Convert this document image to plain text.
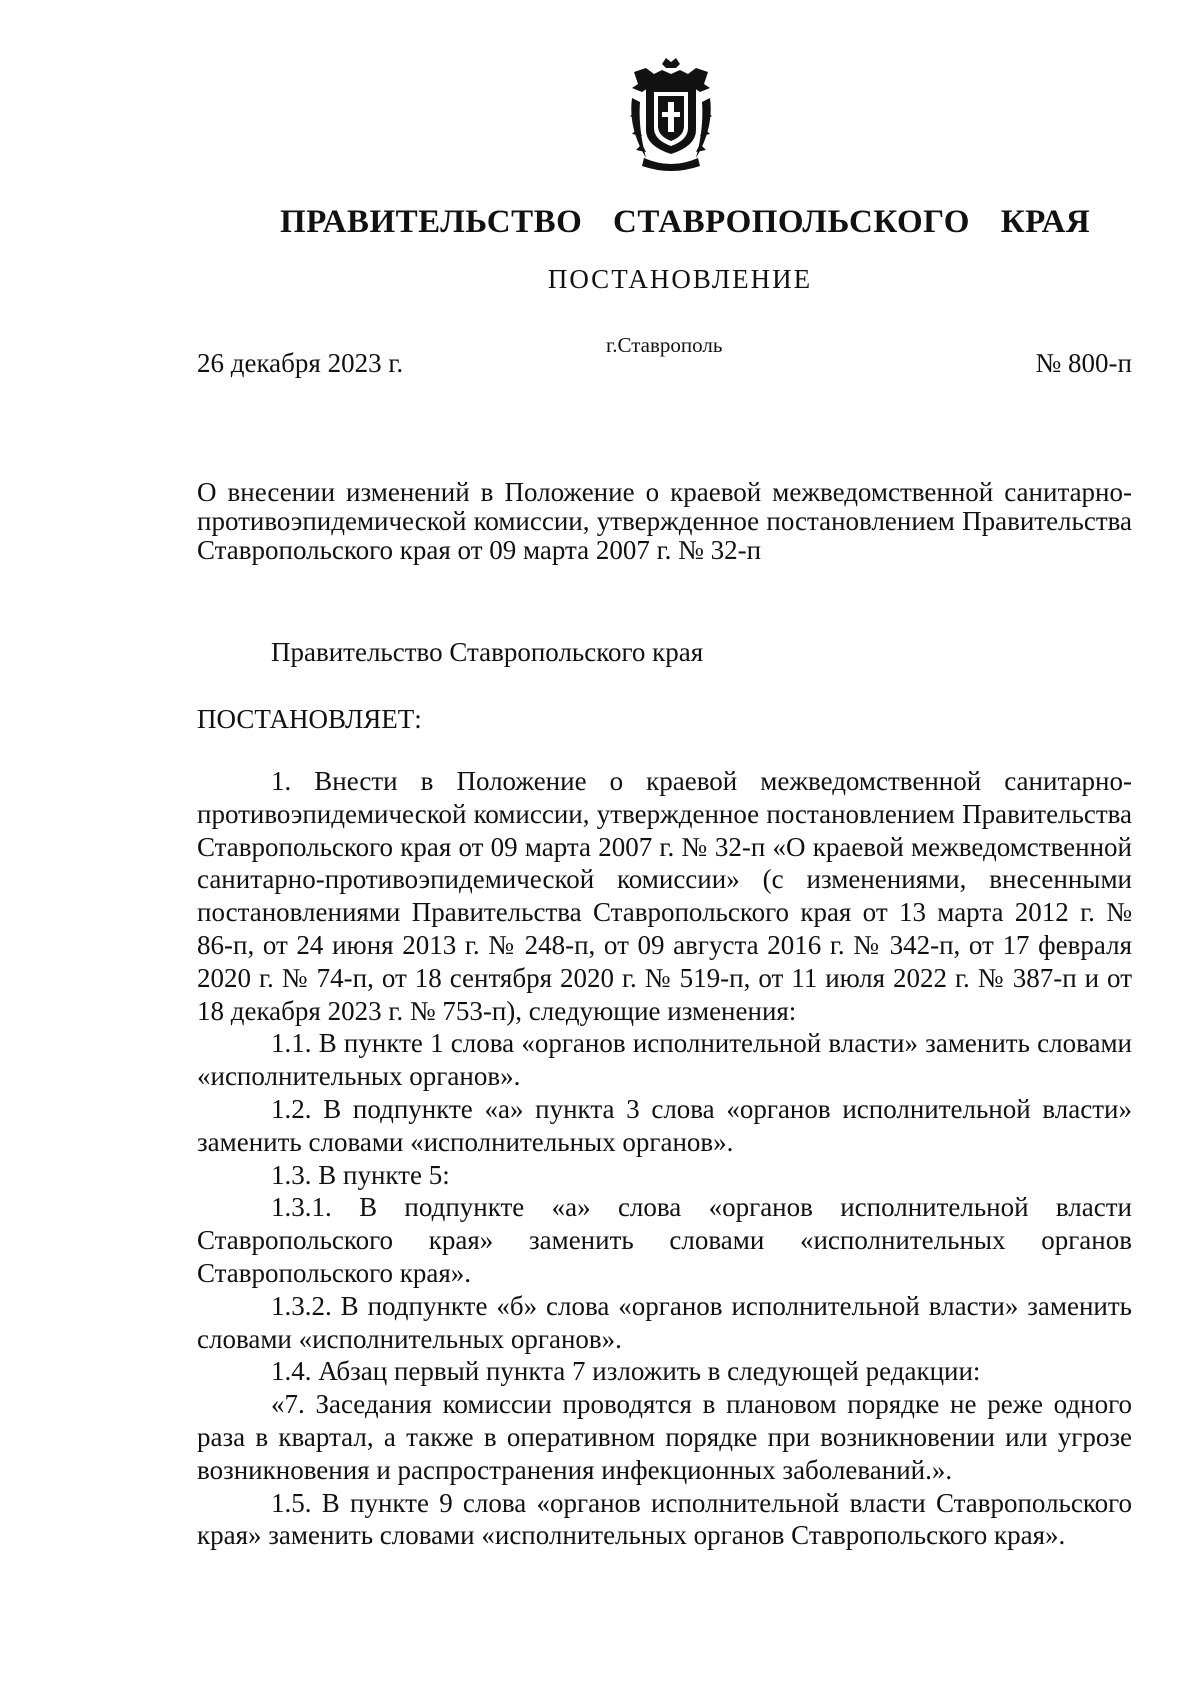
ПРАВИТЕЛЬСТВО СТАВРОПОЛЬСКОГО КРАЯ
ПОСТАНОВЛЕНИЕ
26 декабря 2023 г.
г.Ставрополь
№ 800-п
О внесении изменений в Положение о краевой межведомственной санитарно-противоэпидемической комиссии, утвержденное постановлением Правительства Ставропольского края от 09 марта 2007 г. № 32-п
Правительство Ставропольского края
ПОСТАНОВЛЯЕТ:

1. Внести в Положение о краевой межведомственной санитарно-противоэпидемической комиссии, утвержденное постановлением Правительства Ставропольского края от 09 марта 2007 г. № 32-п «О краевой межведомственной санитарно-противоэпидемической комиссии» (с изменениями, внесенными постановлениями Правительства Ставропольского края от 13 марта 2012 г. № 86-п, от 24 июня 2013 г. № 248-п, от 09 августа 2016 г. № 342-п, от 17 февраля 2020 г. № 74-п, от 18 сентября 2020 г. № 519-п, от 11 июля 2022 г. № 387-п и от 18 декабря 2023 г. № 753-п), следующие изменения:

1.1. В пункте 1 слова «органов исполнительной власти» заменить словами «исполнительных органов».

1.2. В подпункте «а» пункта 3 слова «органов исполнительной власти» заменить словами «исполнительных органов».

1.3. В пункте 5:

1.3.1. В подпункте «а» слова «органов исполнительной власти Ставропольского края» заменить словами «исполнительных органов Ставропольского края».

1.3.2. В подпункте «б» слова «органов исполнительной власти» заменить словами «исполнительных органов».

1.4. Абзац первый пункта 7 изложить в следующей редакции:

«7. Заседания комиссии проводятся в плановом порядке не реже одного раза в квартал, а также в оперативном порядке при возникновении или угрозе возникновения и распространения инфекционных заболеваний.».

1.5. В пункте 9 слова «органов исполнительной власти Ставропольского края» заменить словами «исполнительных органов Ставропольского края».
